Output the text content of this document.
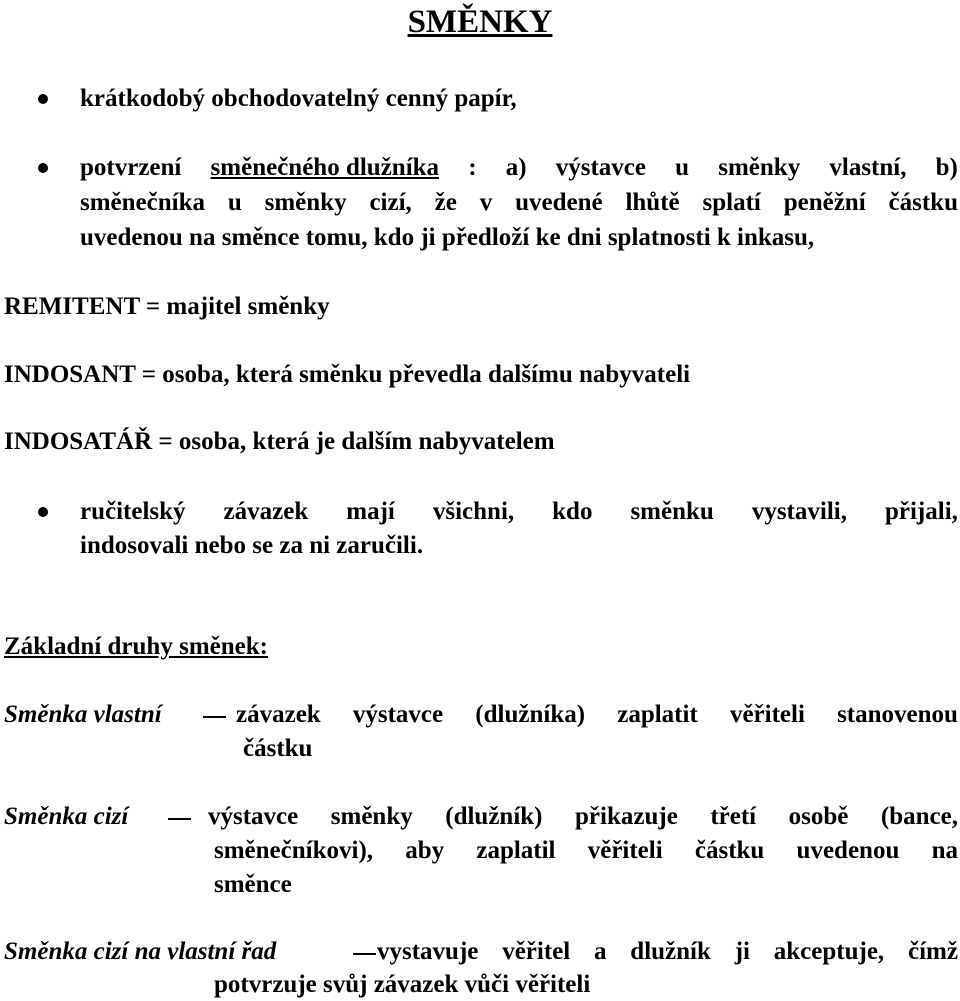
SMĚNKY
krátkodobý obchodovatelný cenný papír,
potvrzení směnečného dlužníka : a) výstavce u směnky vlastní, b)
směnečníka u směnky cizí, že v uvedené lhůtě splatí peněžní částku
uvedenou na směnce tomu, kdo ji předloží ke dni splatnosti k inkasu,
REMITENT = majitel směnky
INDOSANT = osoba, která směnku převedla dalšímu nabyvateli
INDOSATÁŘ = osoba, která je dalším nabyvatelem
ručitelský závazek mají všichni, kdo směnku vystavili, přijali,
indosovali nebo se za ni zaručili.
Základní druhy směnek:
Směnka vlastní	závazek výstavce (dlužníka) zaplatit věřiteli stanovenou
částku
Směnka cizí	výstavce směnky (dlužník) přikazuje třetí osobě (bance,
směnečníkovi), aby zaplatil věřiteli částku uvedenou na
směnce
Směnka cizí na vlastní řad	vystavuje věřitel a dlužník ji akceptuje, čímž
potvrzuje svůj závazek vůči věřiteli
